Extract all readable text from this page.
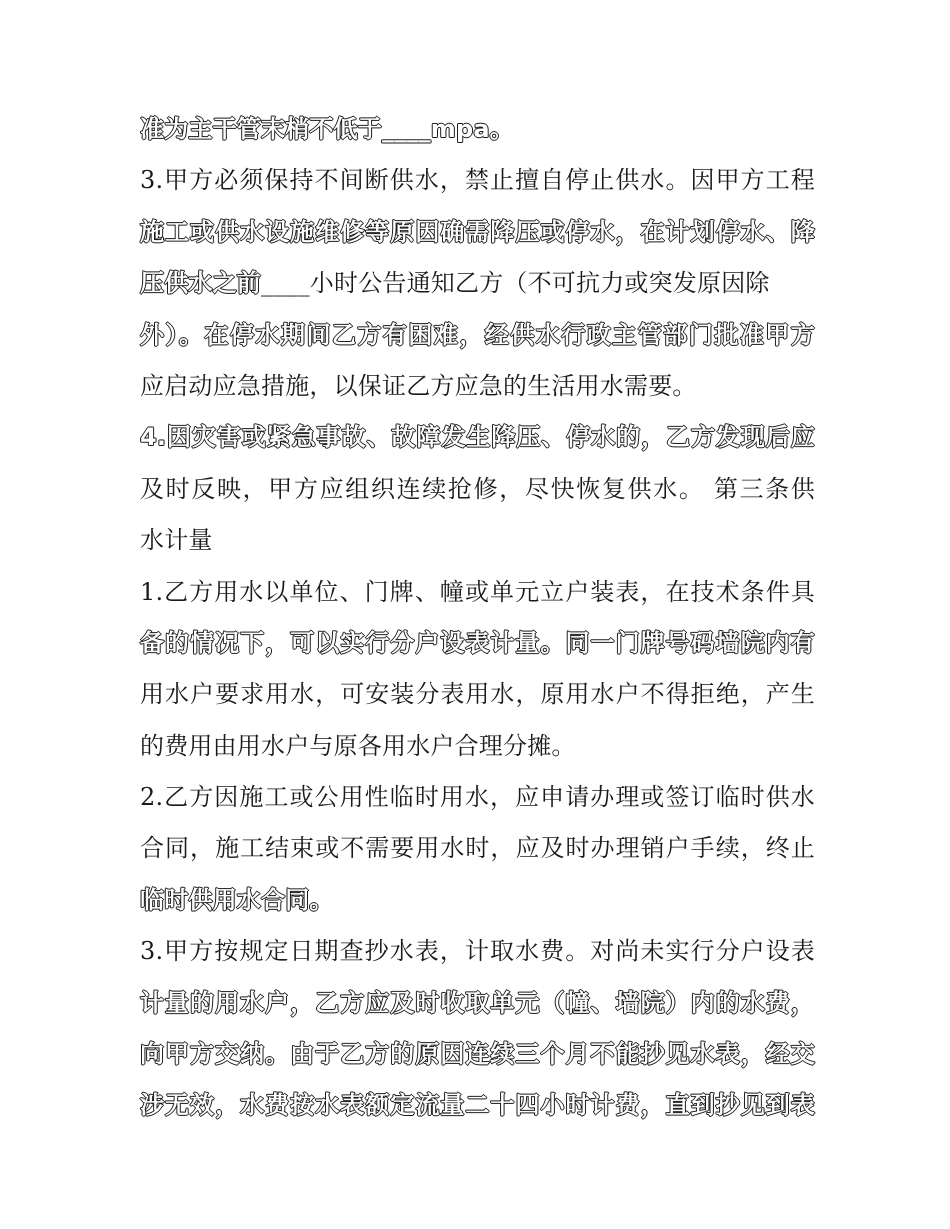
准为主干管末梢不低于____mpa。
3.甲方必须保持不间断供水，禁止擅自停止供水。因甲方工程
施工或供水设施维修等原因确需降压或停水，在计划停水、降
压供水之前____小时公告通知乙方（不可抗力或突发原因除
外）。在停水期间乙方有困难，经供水行政主管部门批准甲方
应启动应急措施，以保证乙方应急的生活用水需要。
4.因灾害或紧急事故、故障发生降压、停水的，乙方发现后应
及时反映，甲方应组织连续抢修，尽快恢复供水。 第三条供
水计量
1.乙方用水以单位、门牌、幢或单元立户装表，在技术条件具
备的情况下，可以实行分户设表计量。同一门牌号码墙院内有
用水户要求用水，可安装分表用水，原用水户不得拒绝，产生
的费用由用水户与原各用水户合理分摊。
2.乙方因施工或公用性临时用水，应申请办理或签订临时供水
合同，施工结束或不需要用水时，应及时办理销户手续，终止
临时供用水合同。
3.甲方按规定日期查抄水表，计取水费。对尚未实行分户设表
计量的用水户，乙方应及时收取单元（幢、墙院）内的水费，
向甲方交纳。由于乙方的原因连续三个月不能抄见水表，经交
涉无效，水费按水表额定流量二十四小时计费，直到抄见到表
